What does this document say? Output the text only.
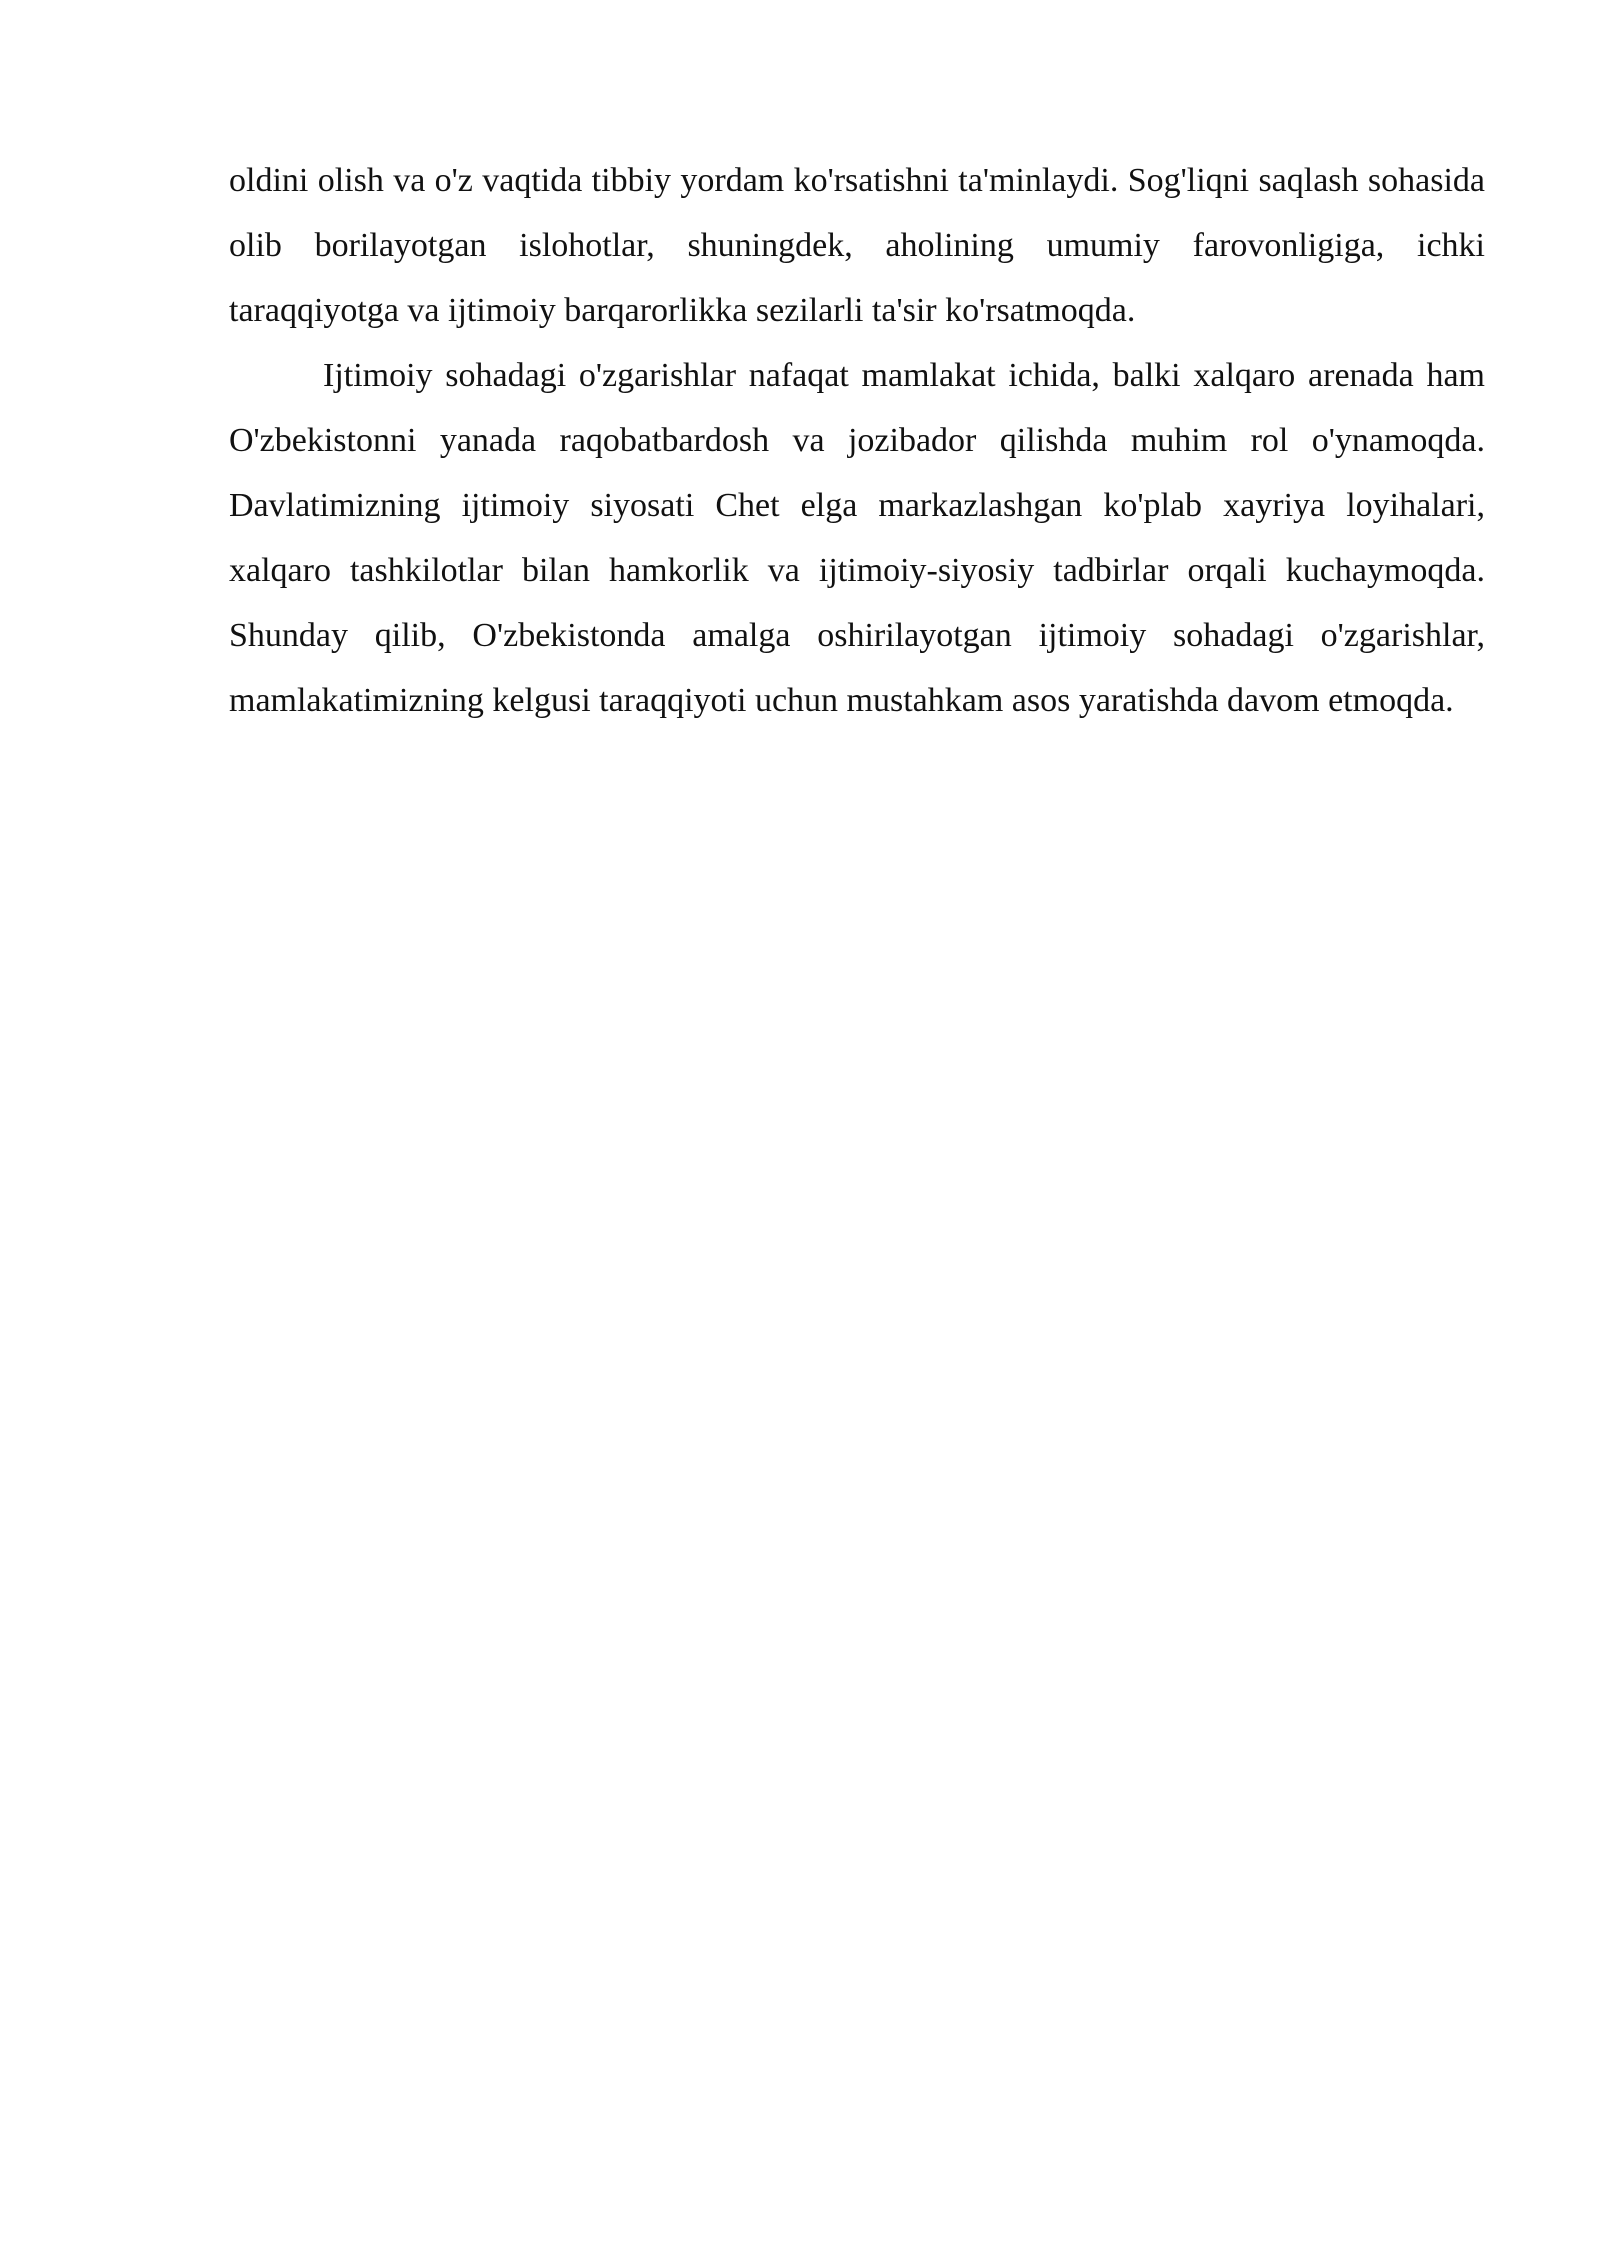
oldini olish va o'z vaqtida tibbiy yordam ko'rsatishni ta'minlaydi. Sog'liqni saqlash sohasida olib borilayotgan islohotlar, shuningdek, aholining umumiy farovonligiga, ichki taraqqiyotga va ijtimoiy barqarorlikka sezilarli ta'sir ko'rsatmoqda.

Ijtimoiy sohadagi o'zgarishlar nafaqat mamlakat ichida, balki xalqaro arenada ham O'zbekistonni yanada raqobatbardosh va jozibador qilishda muhim rol o'ynamoqda. Davlatimizning ijtimoiy siyosati Chet elga markazlashgan ko'plab xayriya loyihalari, xalqaro tashkilotlar bilan hamkorlik va ijtimoiy-siyosiy tadbirlar orqali kuchaymoqda. Shunday qilib, O'zbekistonda amalga oshirilayotgan ijtimoiy sohadagi o'zgarishlar, mamlakatimizning kelgusi taraqqiyoti uchun mustahkam asos yaratishda davom etmoqda.
